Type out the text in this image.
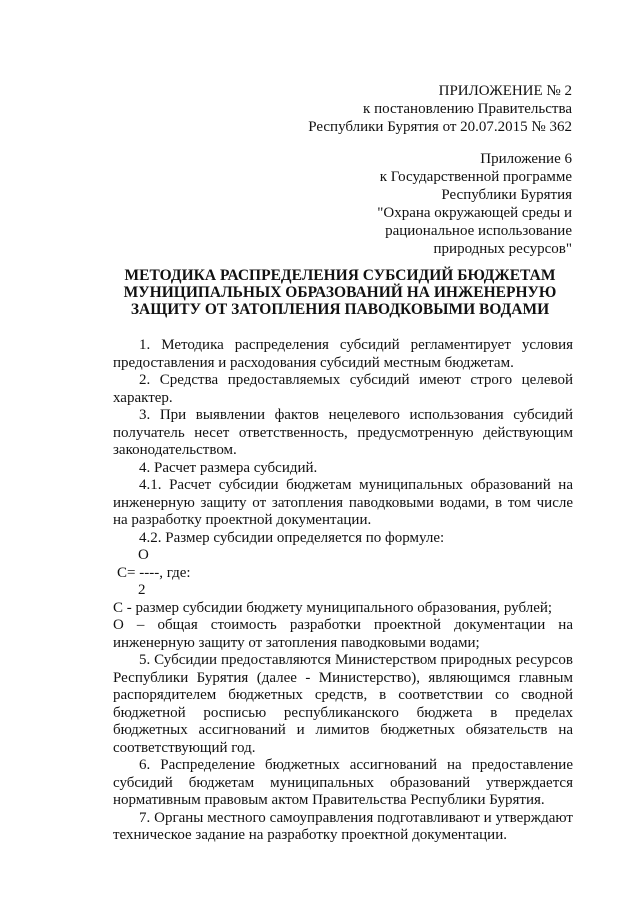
ПРИЛОЖЕНИЕ № 2
к постановлению Правительства
Республики Бурятия от 20.07.2015 № 362
Приложение 6
к Государственной программе
Республики Бурятия
"Охрана окружающей среды и
рациональное использование
природных ресурсов"
МЕТОДИКА РАСПРЕДЕЛЕНИЯ СУБСИДИЙ БЮДЖЕТАМ
МУНИЦИПАЛЬНЫХ ОБРАЗОВАНИЙ НА ИНЖЕНЕРНУЮ
ЗАЩИТУ ОТ ЗАТОПЛЕНИЯ ПАВОДКОВЫМИ ВОДАМИ

1. Методика распределения субсидий регламентирует условия предоставления и расходования субсидий местным бюджетам.

2. Средства предоставляемых субсидий имеют строго целевой характер.

3. При выявлении фактов нецелевого использования субсидий получатель несет ответственность, предусмотренную действующим законодательством.

4. Расчет размера субсидий.

4.1. Расчет субсидии бюджетам муниципальных образований на инженерную защиту от затопления паводковыми водами, в том числе на разработку проектной документации.

4.2. Размер субсидии определяется по формуле:

О
С= ----, где:
2

С - размер субсидии бюджету муниципального образования, рублей;

О – общая стоимость разработки проектной документации на инженерную защиту от затопления паводковыми водами;

5. Субсидии предоставляются Министерством природных ресурсов Республики Бурятия (далее - Министерство), являющимся главным распорядителем бюджетных средств, в соответствии со сводной бюджетной росписью республиканского бюджета в пределах бюджетных ассигнований и лимитов бюджетных обязательств на соответствующий год.

6. Распределение бюджетных ассигнований на предоставление субсидий бюджетам муниципальных образований утверждается нормативным правовым актом Правительства Республики Бурятия.

7. Органы местного самоуправления подготавливают и утверждают техническое задание на разработку проектной документации.
